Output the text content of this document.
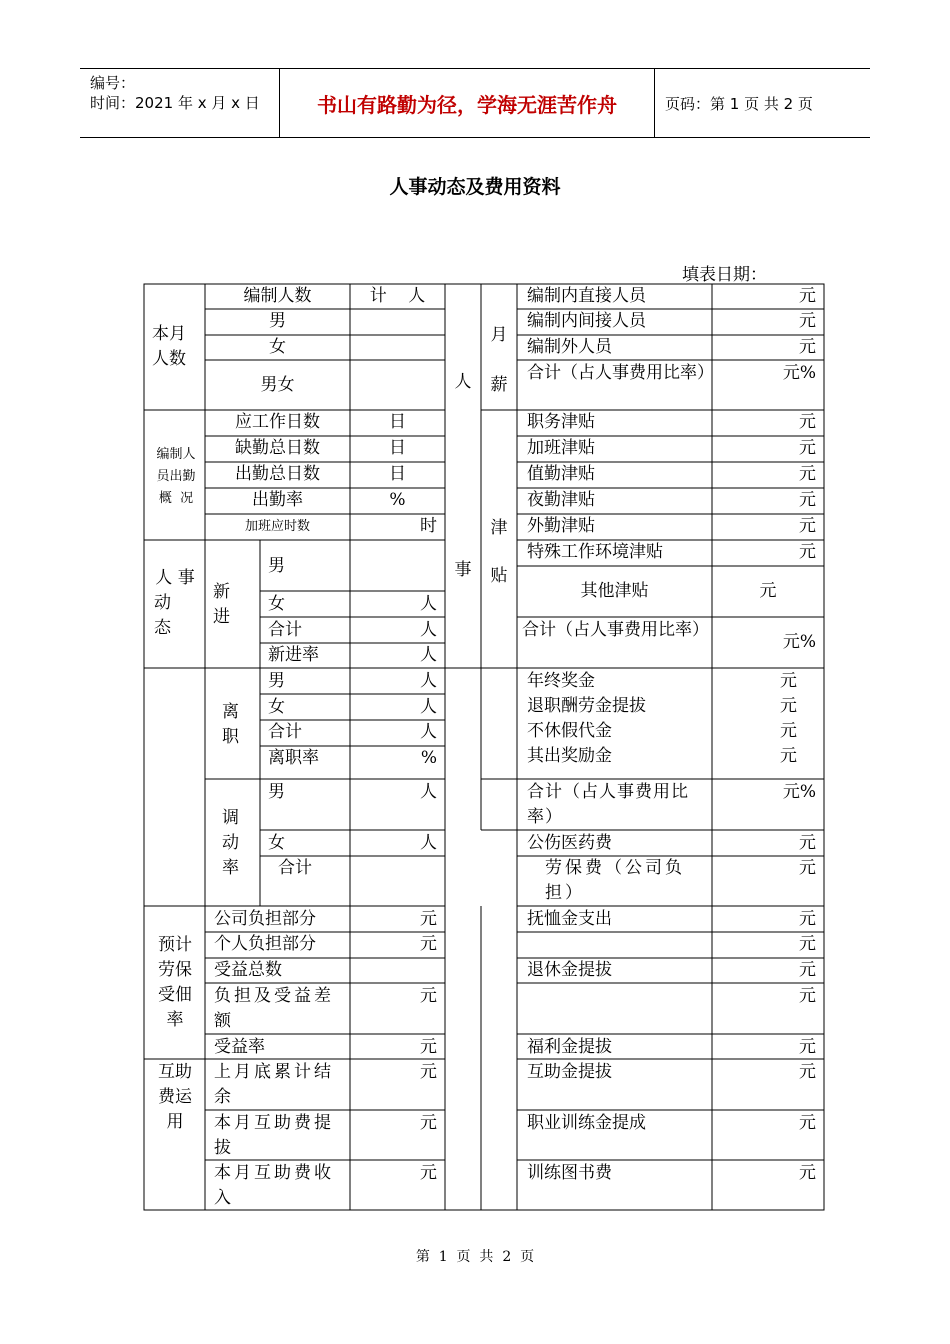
编号：
时间：2021 年 x 月 x 日	书山有路勤为径，学海无涯苦作舟	页码：第 1 页 共 2 页
人事动态及费用资料
填表日期：
本月人数
编制人数
男
女
男女
计    人
编制人
员出勤
概  况
应工作日数
缺勤总日数
出勤总日数
出勤率
加班应时数
日
日
日
%
时
人 事
动
态
新进
男
女
合计
新进率
人
人
人
离职
男
女
合计
离职率
人
人
人
%
调动率
男
女
合计
人
人
预计劳保受佃率
公司负担部分
个人负担部分
受益总数
负担及受益差额
受益率
元
元
元
元
互助费运用
上月底累计结余
本月互助费提拔
本月互助费收入
元
元
元
人
事
月
薪
津
贴
编制内直接人员
编制内间接人员
编制外人员
合计（占人事费用比率）
元
元
元
元%
职务津贴
加班津贴
值勤津贴
夜勤津贴
外勤津贴
特殊工作环境津贴
其他津贴
合计（占人事费用比率）
元
元
元
元
元
元
元
元%
年终奖金
退职酬劳金提拔
不休假代金
其出奖励金
元
元
元
元
合计（占人事费用比率）
元%
公伤医药费
劳保费（公司负担）
抚恤金支出
退休金提拔
福利金提拔
互助金提拔
职业训练金提成
训练图书费
元
元
元
元
元
元
元
元
元
元
第  1  页  共  2  页
